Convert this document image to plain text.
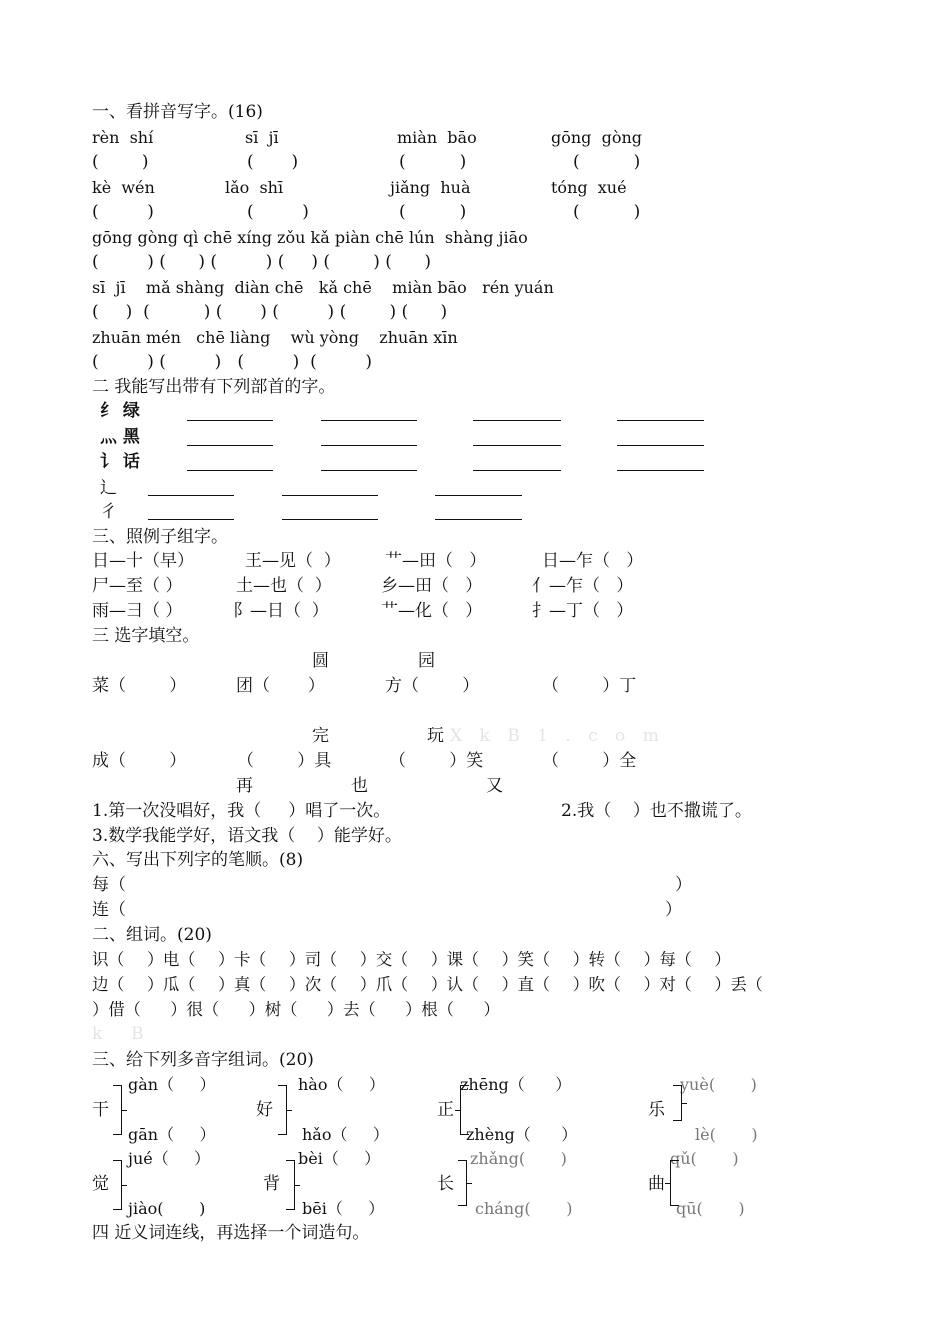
一、看拼音写字。(16)
rèn  shí	sī  jī	miàn  bāo	gōng  gòng
(        )	(       )	(          )	(          )
kè  wén	lǎo  shī	jiǎng  huà	tóng  xué
(         )	(         )	(          )	(          )
gōng gòng qì chē xíng zǒu kǎ piàn chē lún  shàng jiāo
(         ) (      ) (         ) (     ) (        ) (      )
sī  jī    mǎ shàng  diàn chē   kǎ chē    miàn bāo   rén yuán
(     )  (          ) (       ) (         ) (        ) (      )
zhuān mén   chē liàng    wù yòng    zhuān xīn
(         ) (         )   (         )  (         )
二 我能写出带有下列部首的字。
纟 绿
灬 黑
讠 话
辶
彳
三、照例子组字。
日—十（早）	王—见（  ）	艹—田（   ）	日—乍（   ）
尸—至（ ）	土—也（  ）	乡—田（   ）	亻—乍（   ）
雨—彐（ ）	阝—日（  ）	艹—化（   ）	扌—丁（   ）
三 选字填空。
圆	园
菜（        ）	团（       ）	方（        ）	（        ）丁
完	玩 X k B 1 . c o m
成（        ）	（        ）具	（        ）笑	（        ）全
再	也	又
1.第一次没唱好，我（     ）唱了一次。	2.我（    ）也不撒谎了。
3.数学我能学好，语文我（    ）能学好。
六、写出下列字的笔顺。(8)
每（	）
连（	）
二、组词。(20)
识（     ）电（     ）卡（     ）司（     ）交（     ）课（     ）笑（     ）转（     ）每（     ）
边（     ）瓜（     ）真（     ）次（     ）爪（     ）认（     ）直（     ）吹（     ）对（     ）丢（
）借（      ）很（      ）树（      ）去（      ）根（      ）
k  B
三、给下列多音字组词。(20)
gàn（     ）
干
gān（     ）
hào（     ）
好
hǎo（     ）
zhēng（      ）
正
zhèng（      ）
yuè(       )
乐
lè(       )
jué（     ）
觉
jiào(       )
bèi（     ）
背
bēi（     ）
zhǎng(       )
长
cháng(       )
qǔ(       )
曲
qū(       )
四 近义词连线，再选择一个词造句。
